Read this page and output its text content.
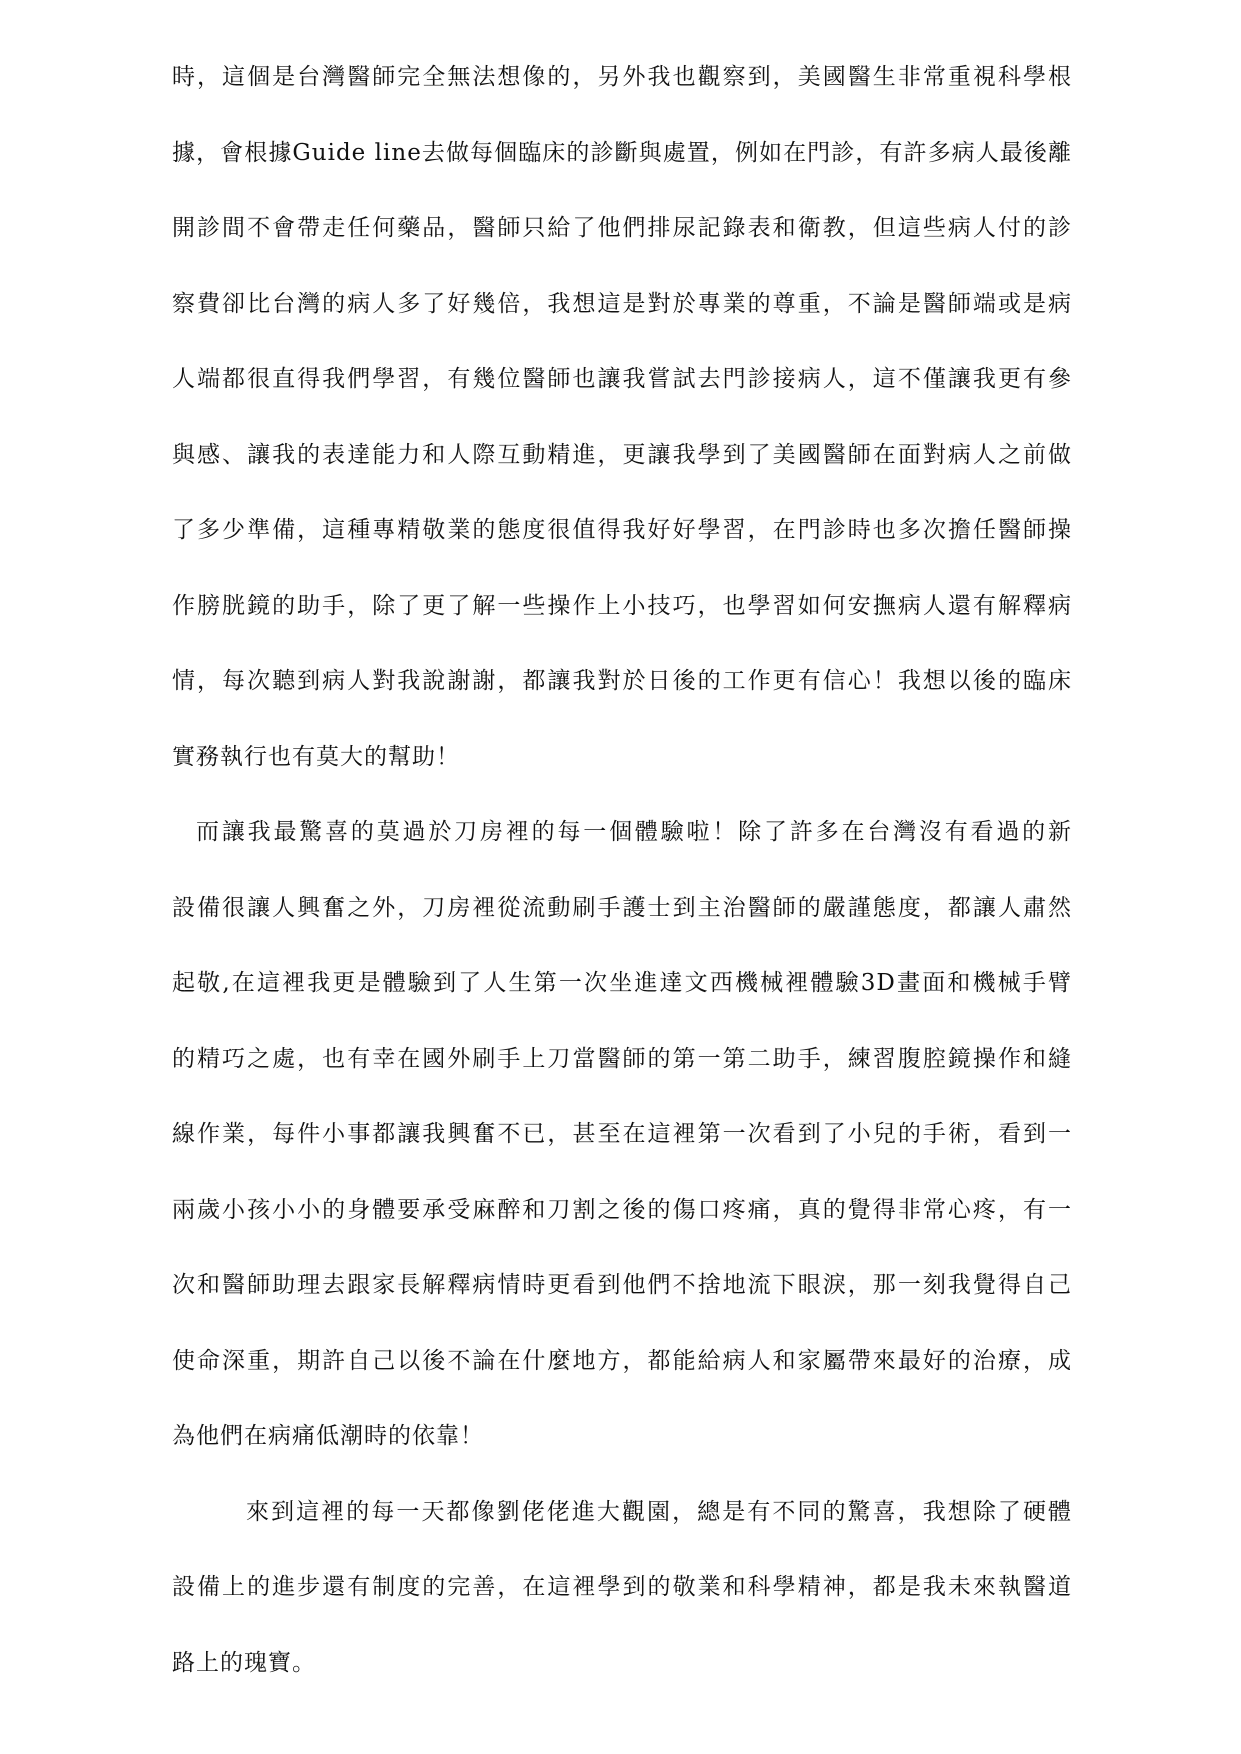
時，這個是台灣醫師完全無法想像的，另外我也觀察到，美國醫生非常重視科學根
據，會根據Guide line去做每個臨床的診斷與處置，例如在門診，有許多病人最後離
開診間不會帶走任何藥品，醫師只給了他們排尿記錄表和衛教，但這些病人付的診
察費卻比台灣的病人多了好幾倍，我想這是對於專業的尊重，不論是醫師端或是病
人端都很直得我們學習，有幾位醫師也讓我嘗試去門診接病人，這不僅讓我更有參
與感、讓我的表達能力和人際互動精進，更讓我學到了美國醫師在面對病人之前做
了多少準備，這種專精敬業的態度很值得我好好學習，在門診時也多次擔任醫師操
作膀胱鏡的助手，除了更了解一些操作上小技巧，也學習如何安撫病人還有解釋病
情，每次聽到病人對我說謝謝，都讓我對於日後的工作更有信心！我想以後的臨床
實務執行也有莫大的幫助！
而讓我最驚喜的莫過於刀房裡的每一個體驗啦！除了許多在台灣沒有看過的新
設備很讓人興奮之外，刀房裡從流動刷手護士到主治醫師的嚴謹態度，都讓人肅然
起敬,在這裡我更是體驗到了人生第一次坐進達文西機械裡體驗3D畫面和機械手臂
的精巧之處，也有幸在國外刷手上刀當醫師的第一第二助手，練習腹腔鏡操作和縫
線作業，每件小事都讓我興奮不已，甚至在這裡第一次看到了小兒的手術，看到一
兩歲小孩小小的身體要承受麻醉和刀割之後的傷口疼痛，真的覺得非常心疼，有一
次和醫師助理去跟家長解釋病情時更看到他們不捨地流下眼淚，那一刻我覺得自己
使命深重，期許自己以後不論在什麼地方，都能給病人和家屬帶來最好的治療，成
為他們在病痛低潮時的依靠！
來到這裡的每一天都像劉佬佬進大觀園，總是有不同的驚喜，我想除了硬體
設備上的進步還有制度的完善，在這裡學到的敬業和科學精神，都是我未來執醫道
路上的瑰寶。
